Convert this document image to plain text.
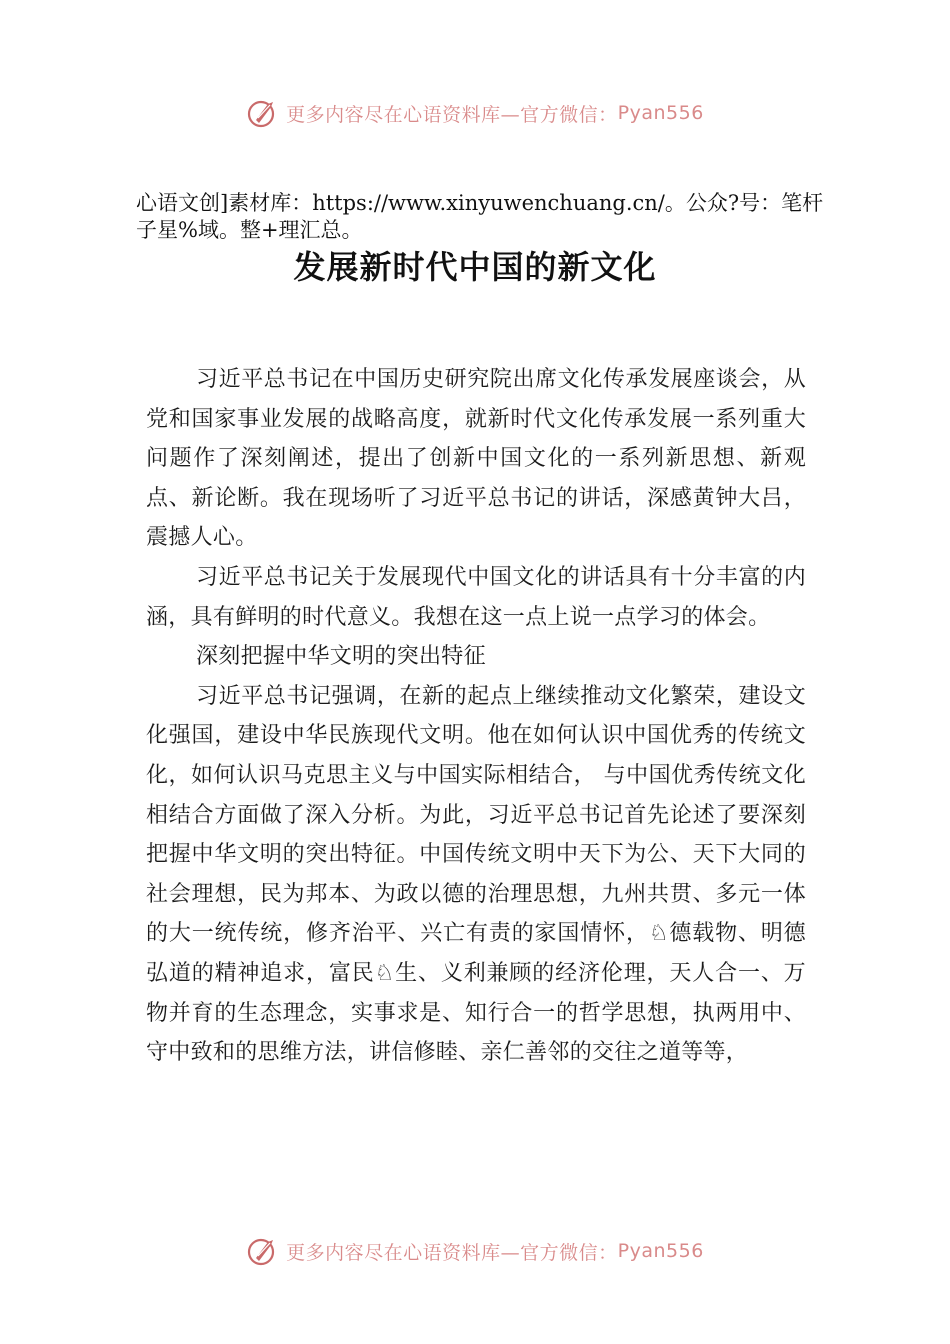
更多内容尽在心语资料库—官方微信： Pyan556

心语文创]素材库：https://www.xinyuwenchuang.cn/。公众?号：笔杆子星%域。整+理汇总。

发展新时代中国的新文化

习近平总书记在中国历史研究院出席文化传承发展座谈会，从党和国家事业发展的战略高度，就新时代文化传承发展一系列重大问题作了深刻阐述，提出了创新中国文化的一系列新思想、新观点、新论断。我在现场听了习近平总书记的讲话，深感黄钟大吕，震撼人心。

习近平总书记关于发展现代中国文化的讲话具有十分丰富的内涵，具有鲜明的时代意义。我想在这一点上说一点学习的体会。

深刻把握中华文明的突出特征

习近平总书记强调，在新的起点上继续推动文化繁荣，建设文化强国，建设中华民族现代文明。他在如何认识中国优秀的传统文化，如何认识马克思主义与中国实际相结合， 与中国优秀传统文化相结合方面做了深入分析。为此，习近平总书记首先论述了要深刻把握中华文明的突出特征。中国传统文明中天下为公、天下大同的社会理想，民为邦本、为政以德的治理思想，九州共贯、多元一体的大一统传统，修齐治平、兴亡有责的家国情怀，♘德载物、明德弘道的精神追求，富民♘生、义利兼顾的经济伦理，天人合一、万物并育的生态理念，实事求是、知行合一的哲学思想，执两用中、守中致和的思维方法，讲信修睦、亲仁善邻的交往之道等等，

更多内容尽在心语资料库—官方微信： Pyan556
